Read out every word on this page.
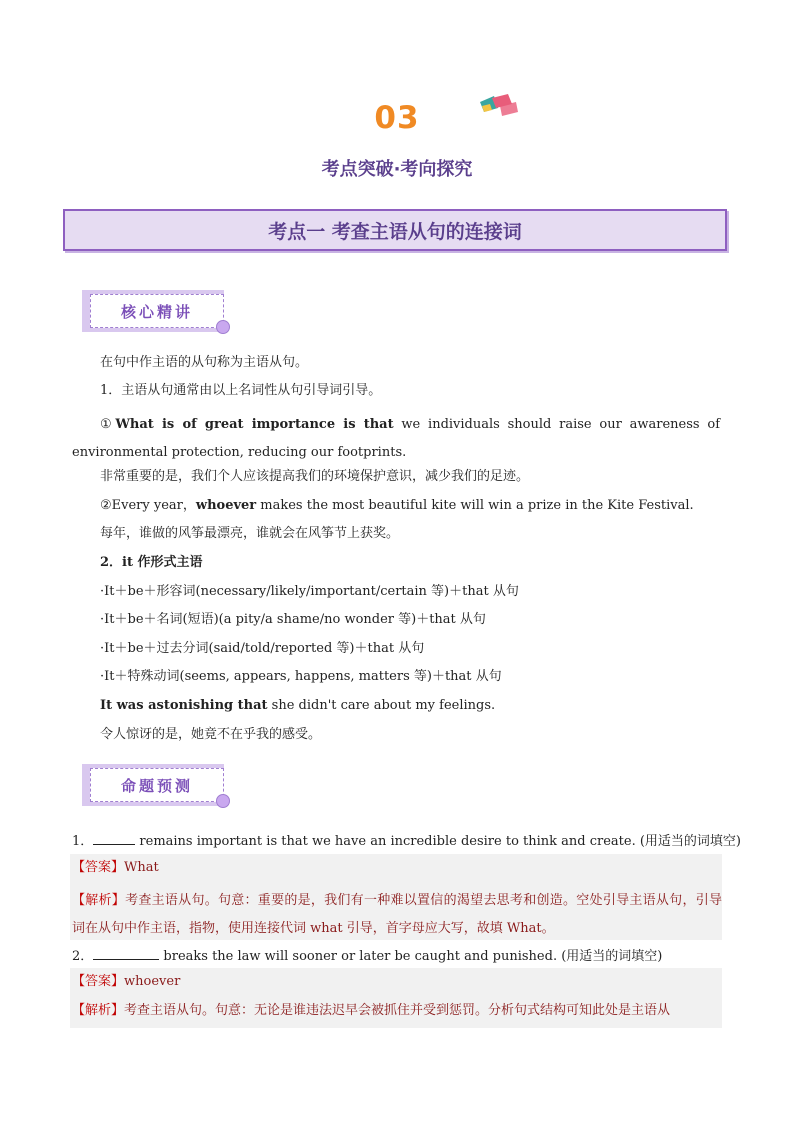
03
考点突破·考向探究
考点一 考查主语从句的连接词
核心精讲
在句中作主语的从句称为主语从句。
1．主语从句通常由以上名词性从句引导词引导。
①What is of great importance is that we individuals should raise our awareness of environmental protection, reducing our footprints.
非常重要的是，我们个人应该提高我们的环境保护意识，减少我们的足迹。
②Every year，whoever makes the most beautiful kite will win a prize in the Kite Festival.
每年，谁做的风筝最漂亮，谁就会在风筝节上获奖。
2．it 作形式主语
·It＋be＋形容词(necessary/likely/important/certain 等)＋that 从句
·It＋be＋名词(短语)(a pity/a shame/no wonder 等)＋that 从句
·It＋be＋过去分词(said/told/reported 等)＋that 从句
·It＋特殊动词(seems, appears, happens, matters 等)＋that 从句
It was astonishing that she didn't care about my feelings.
令人惊讶的是，她竟不在乎我的感受。
命题预测
1．	remains important is that we have an incredible desire to think and create. (用适当的词填空)
【答案】What
【解析】考查主语从句。句意：重要的是，我们有一种难以置信的渴望去思考和创造。空处引导主语从句，引导词在从句中作主语，指物，使用连接代词 what 引导，首字母应大写，故填 What。
2．	breaks the law will sooner or later be caught and punished. (用适当的词填空)
【答案】whoever
【解析】考查主语从句。句意：无论是谁违法迟早会被抓住并受到惩罚。分析句式结构可知此处是主语从
